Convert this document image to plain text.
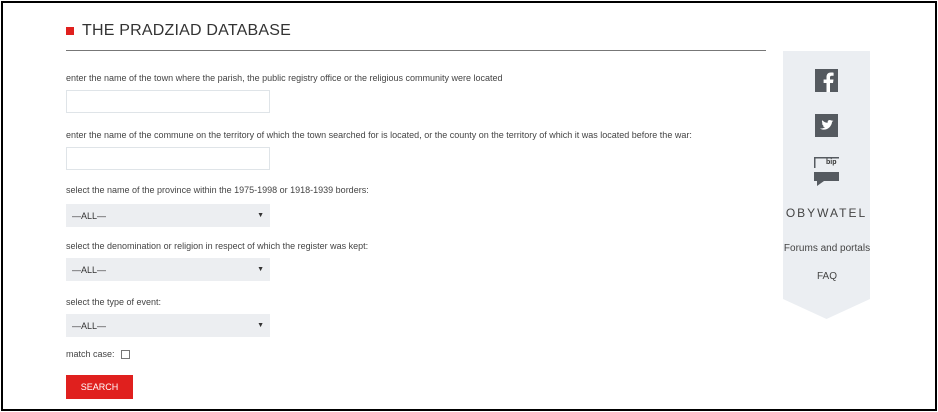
THE PRADZIAD DATABASE
enter the name of the town where the parish, the public registry office or the religious community were located
enter the name of the commune on the territory of which the town searched for is located, or the county on the territory of which it was located before the war:
select the name of the province within the 1975-1998 or 1918-1939 borders:
—ALL—	▼
select the denomination or religion in respect of which the register was kept:
—ALL—	▼
select the type of event:
—ALL—	▼
match case:
SEARCH
bip
OBYWATEL
Forums and portals
FAQ
